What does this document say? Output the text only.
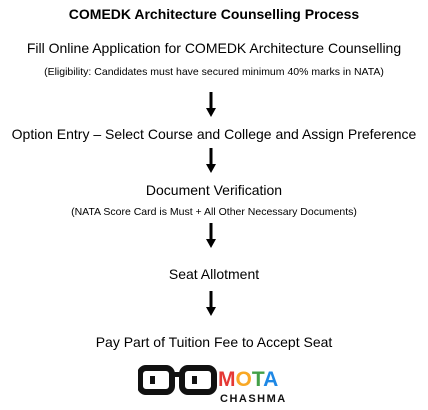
COMEDK Architecture Counselling Process
Fill Online Application for COMEDK Architecture Counselling
(Eligibility: Candidates must have secured minimum 40% marks in NATA)
Option Entry – Select Course and College and Assign Preference
Document Verification
(NATA Score Card is Must + All Other Necessary Documents)
Seat Allotment
Pay Part of Tuition Fee to Accept Seat
MOTA
CHASHMA
